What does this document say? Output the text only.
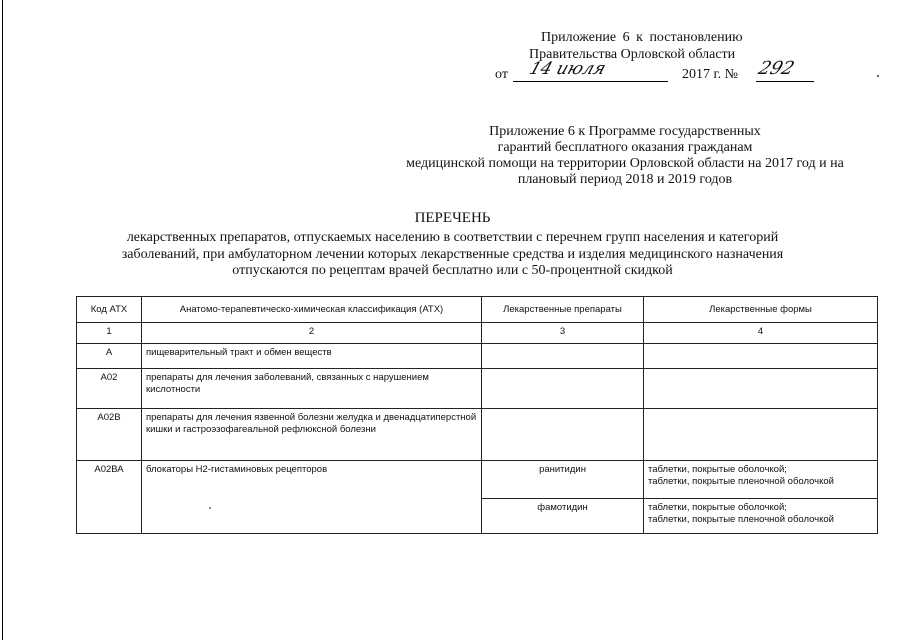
Приложение 6 к постановлению
Правительства Орловской области
от 14 июля	2017 г. № 292
Приложение 6 к Программе государственных
гарантий бесплатного оказания гражданам
медицинской помощи на территории Орловской области на 2017 год и на
плановый период 2018 и 2019 годов
ПЕРЕЧЕНЬ
лекарственных препаратов, отпускаемых населению в соответствии с перечнем групп населения и категорий
заболеваний, при амбулаторном лечении которых лекарственные средства и изделия медицинского назначения
отпускаются по рецептам врачей бесплатно или с 50-процентной скидкой
Код АТХ	Анатомо-терапевтическо-химическая классификация (АТХ)	Лекарственные препараты	Лекарственные формы
1	2	3	4
А	пищеварительный тракт и обмен веществ		
А02	препараты для лечения заболеваний, связанных с нарушением кислотности		
А02В	препараты для лечения язвенной болезни желудка и двенадцатиперстной кишки и гастроэзофагеальной рефлюксной болезни		
А02ВА	блокаторы Н2-гистаминовых рецепторов	ранитидин	таблетки, покрытые оболочкой;
таблетки, покрытые пленочной оболочкой
		фамотидин	таблетки, покрытые оболочкой;
таблетки, покрытые пленочной оболочкой
